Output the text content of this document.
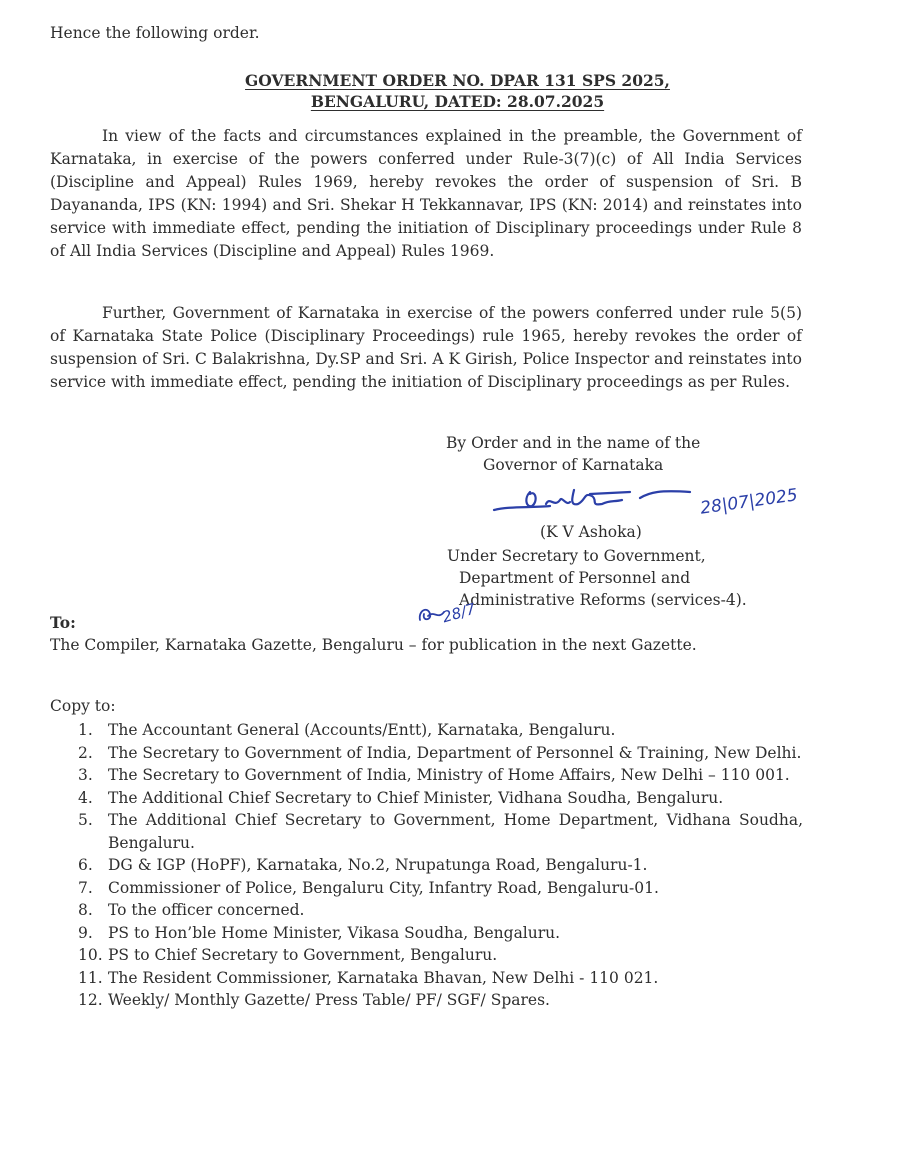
Hence the following order.
GOVERNMENT ORDER NO. DPAR 131 SPS 2025,
BENGALURU, DATED: 28.07.2025

In view of the facts and circumstances explained in the preamble, the Government of Karnataka, in exercise of the powers conferred under Rule-3(7)(c) of All India Services (Discipline and Appeal) Rules 1969, hereby revokes the order of suspension of Sri. B Dayananda, IPS (KN: 1994) and Sri. Shekar H Tekkannavar, IPS (KN: 2014) and reinstates into service with immediate effect, pending the initiation of Disciplinary proceedings under Rule 8 of All India Services (Discipline and Appeal) Rules 1969.

Further, Government of Karnataka in exercise of the powers conferred under rule 5(5) of Karnataka State Police (Disciplinary Proceedings) rule 1965, hereby revokes the order of suspension of Sri. C Balakrishna, Dy.SP and Sri. A K Girish, Police Inspector and reinstates into service with immediate effect, pending the initiation of Disciplinary proceedings as per Rules.

By Order and in the name of the
Governor of Karnataka
28|07|2025
(K V Ashoka)
Under Secretary to Government,
Department of Personnel and
Administrative Reforms (services-4).
28/7
To:
The Compiler, Karnataka Gazette, Bengaluru – for publication in the next Gazette.
Copy to:
1. The Accountant General (Accounts/Entt), Karnataka, Bengaluru.
2. The Secretary to Government of India, Department of Personnel & Training, New Delhi.
3. The Secretary to Government of India, Ministry of Home Affairs, New Delhi – 110 001.
4. The Additional Chief Secretary to Chief Minister, Vidhana Soudha, Bengaluru.
5. The Additional Chief Secretary to Government, Home Department, Vidhana Soudha, Bengaluru.
6. DG & IGP (HoPF), Karnataka, No.2, Nrupatunga Road, Bengaluru-1.
7. Commissioner of Police, Bengaluru City, Infantry Road, Bengaluru-01.
8. To the officer concerned.
9. PS to Hon’ble Home Minister, Vikasa Soudha, Bengaluru.
10. PS to Chief Secretary to Government, Bengaluru.
11. The Resident Commissioner, Karnataka Bhavan, New Delhi - 110 021.
12. Weekly/ Monthly Gazette/ Press Table/ PF/ SGF/ Spares.
